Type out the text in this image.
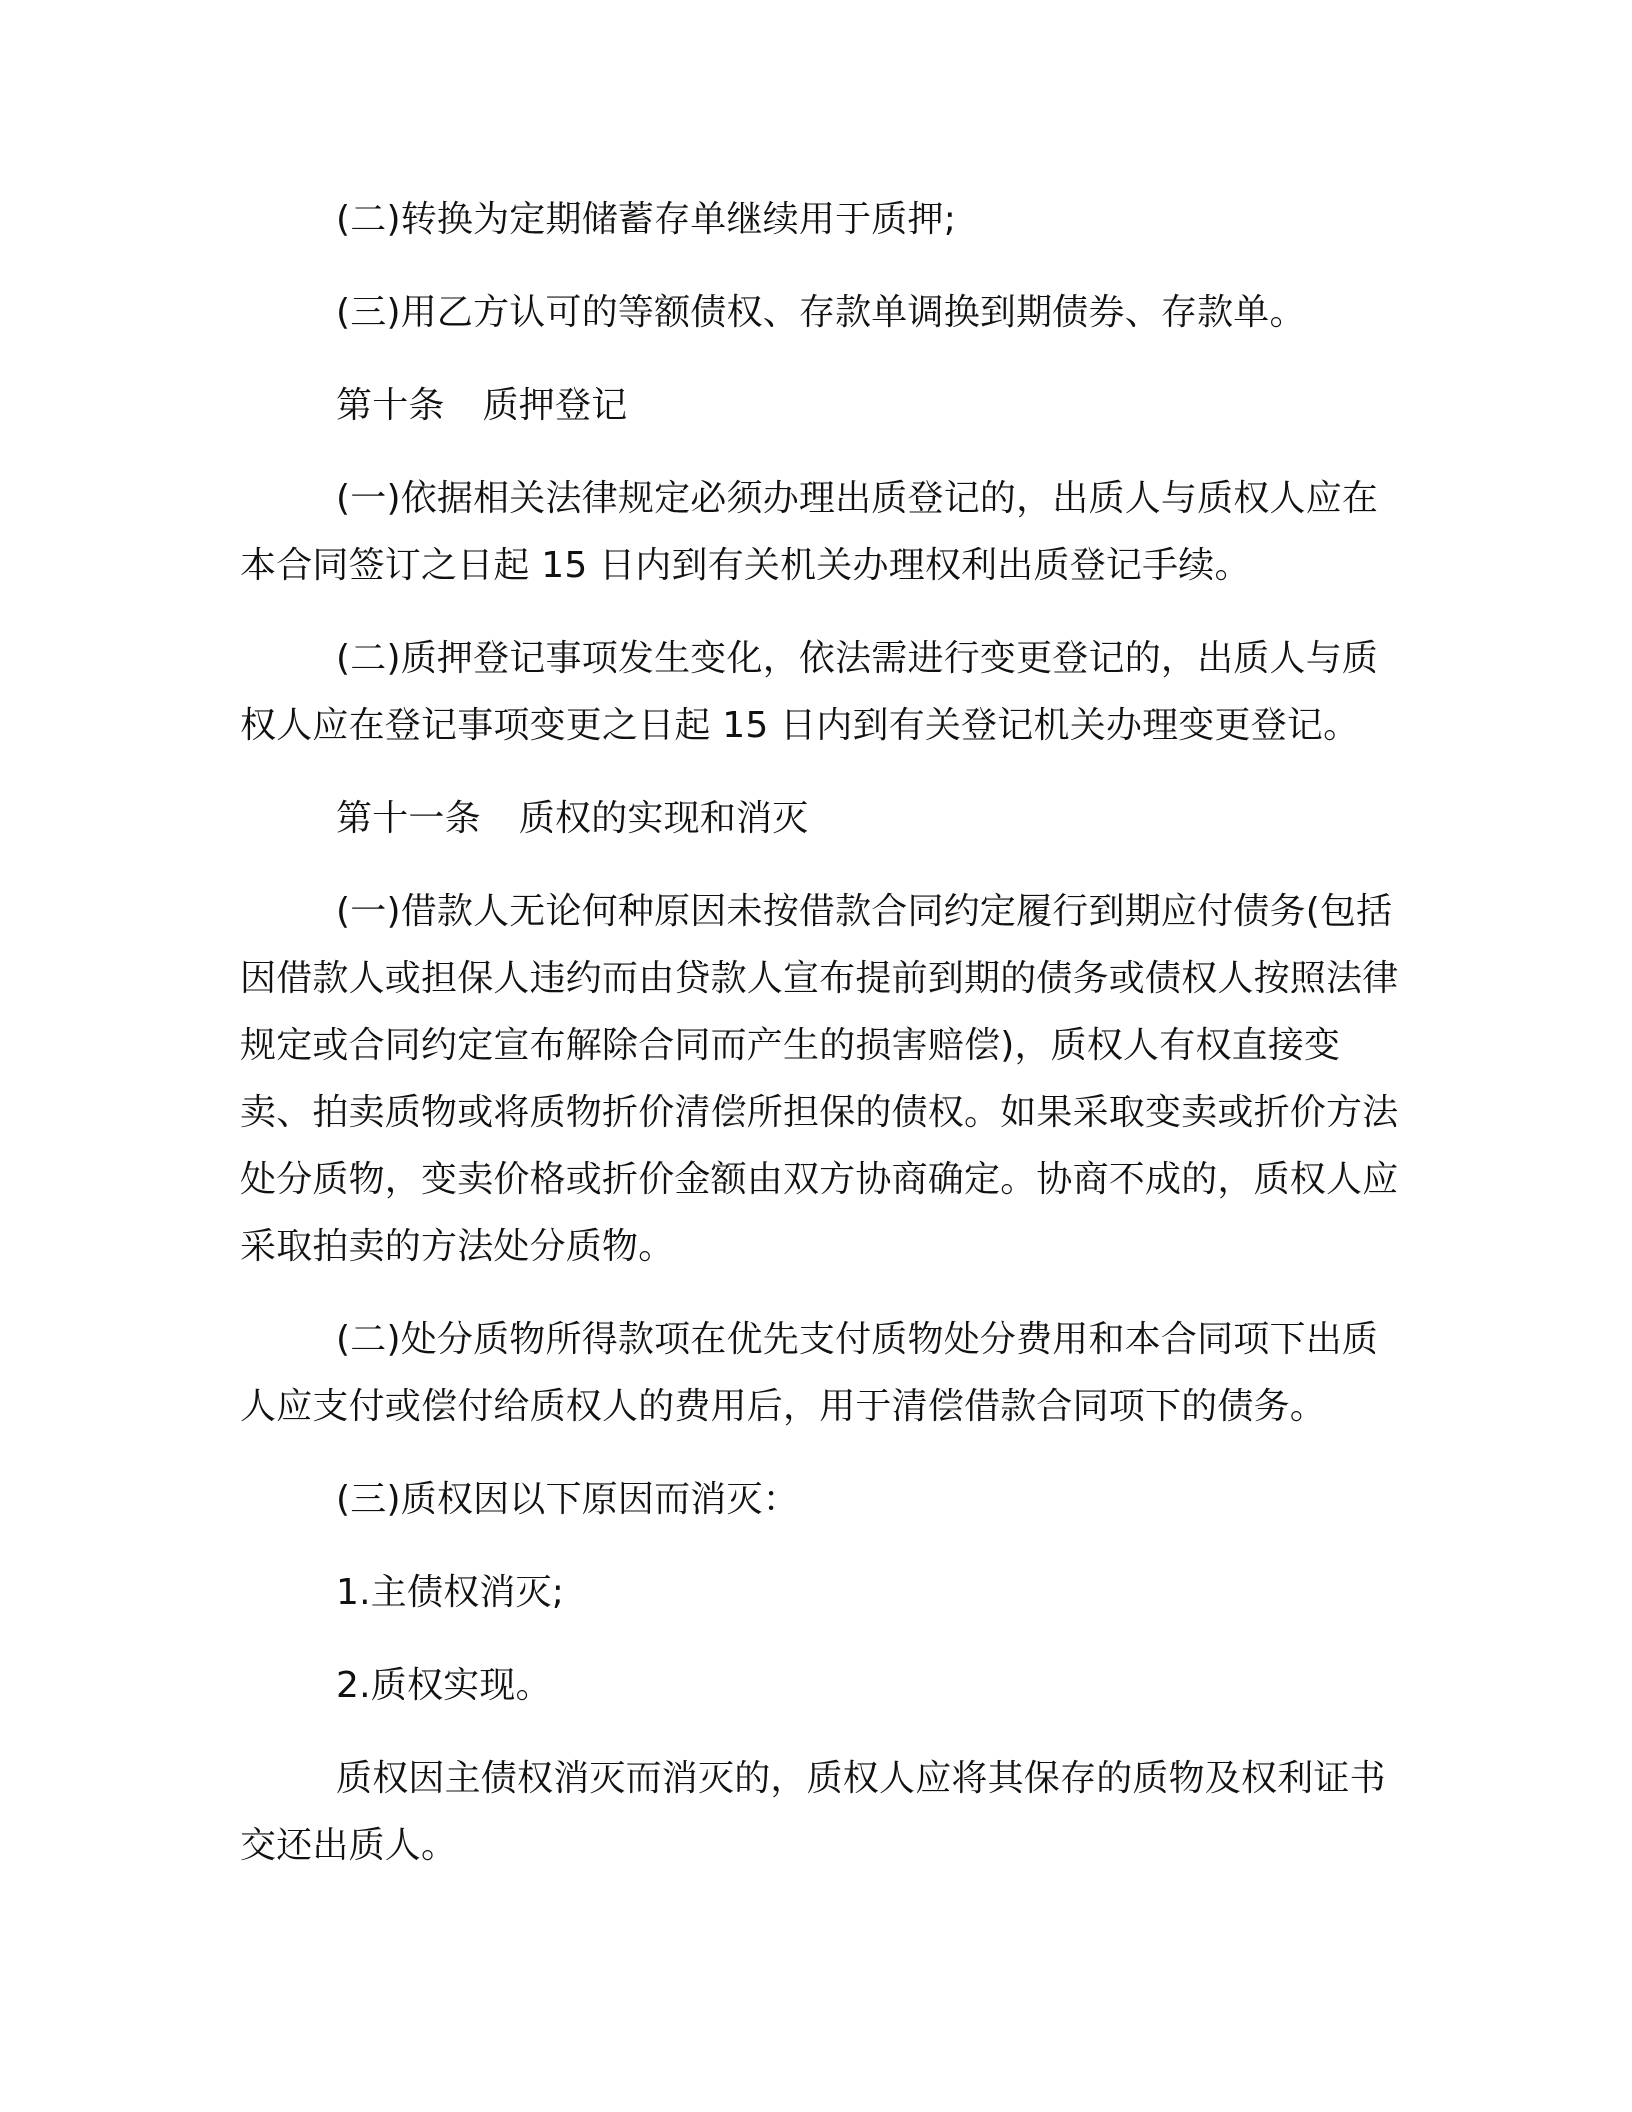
(二)转换为定期储蓄存单继续用于质押;

(三)用乙方认可的等额债权、存款单调换到期债券、存款单。

第十条 质押登记

(一)依据相关法律规定必须办理出质登记的，出质人与质权人应在本合同签订之日起 15 日内到有关机关办理权利出质登记手续。

(二)质押登记事项发生变化，依法需进行变更登记的，出质人与质权人应在登记事项变更之日起 15 日内到有关登记机关办理变更登记。

第十一条 质权的实现和消灭

(一)借款人无论何种原因未按借款合同约定履行到期应付债务(包括因借款人或担保人违约而由贷款人宣布提前到期的债务或债权人按照法律规定或合同约定宣布解除合同而产生的损害赔偿)，质权人有权直接变卖、拍卖质物或将质物折价清偿所担保的债权。如果采取变卖或折价方法处分质物，变卖价格或折价金额由双方协商确定。协商不成的，质权人应采取拍卖的方法处分质物。

(二)处分质物所得款项在优先支付质物处分费用和本合同项下出质人应支付或偿付给质权人的费用后，用于清偿借款合同项下的债务。

(三)质权因以下原因而消灭：

1.主债权消灭;

2.质权实现。

质权因主债权消灭而消灭的，质权人应将其保存的质物及权利证书交还出质人。
